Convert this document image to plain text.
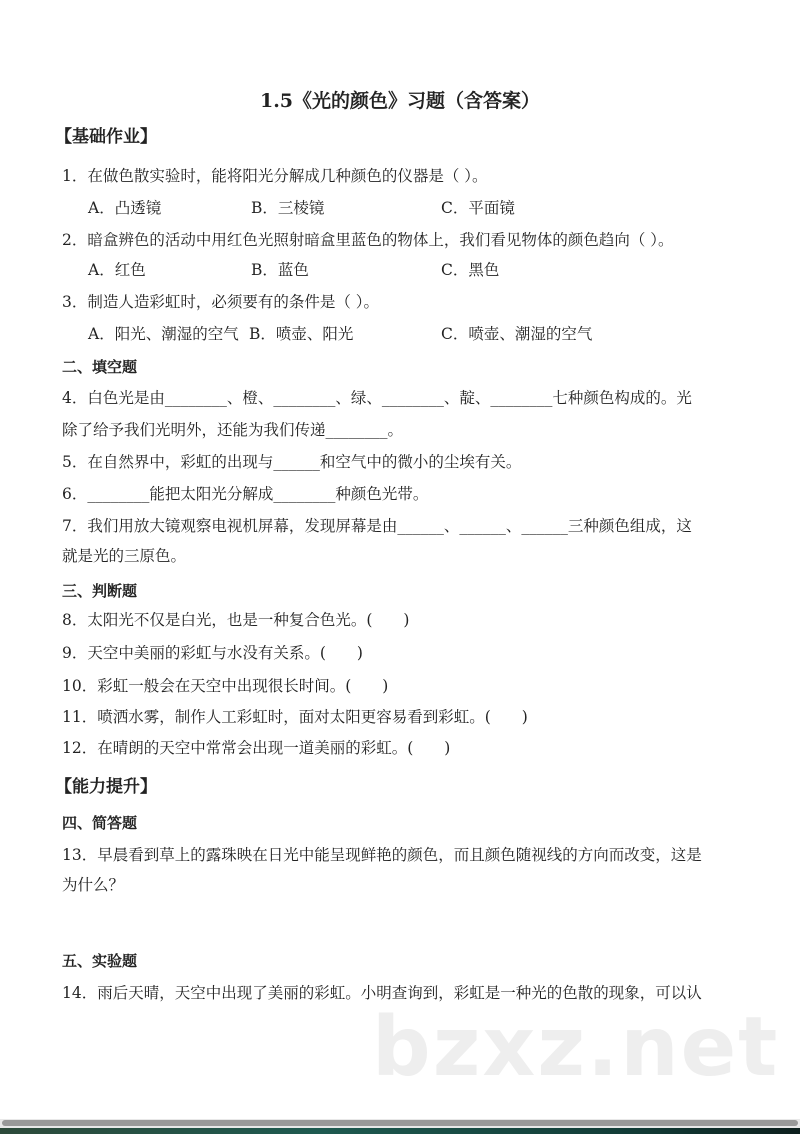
1.5《光的颜色》习题（含答案）
【基础作业】
1．在做色散实验时，能将阳光分解成几种颜色的仪器是（ ）。
A．凸透镜	B．三棱镜	C．平面镜
2．暗盒辨色的活动中用红色光照射暗盒里蓝色的物体上，我们看见物体的颜色趋向（ ）。
A．红色	B．蓝色	C．黑色
3．制造人造彩虹时，必须要有的条件是（ ）。
A．阳光、潮湿的空气 B．喷壶、阳光	C．喷壶、潮湿的空气
二、填空题
4．白色光是由________、橙、________、绿、________、靛、________七种颜色构成的。光
除了给予我们光明外，还能为我们传递________。
5．在自然界中，彩虹的出现与______和空气中的微小的尘埃有关。
6．________能把太阳光分解成________种颜色光带。
7．我们用放大镜观察电视机屏幕，发现屏幕是由______、______、______三种颜色组成，这
就是光的三原色。
三、判断题
8．太阳光不仅是白光，也是一种复合色光。(　　)
9．天空中美丽的彩虹与水没有关系。(　　)
10．彩虹一般会在天空中出现很长时间。(　　)
11．喷洒水雾，制作人工彩虹时，面对太阳更容易看到彩虹。(　　)
12．在晴朗的天空中常常会出现一道美丽的彩虹。(　　)
【能力提升】
四、简答题
13．早晨看到草上的露珠映在日光中能呈现鲜艳的颜色，而且颜色随视线的方向而改变，这是
为什么？
bzxz.net
五、实验题
14．雨后天晴，天空中出现了美丽的彩虹。小明查询到，彩虹是一种光的色散的现象，可以认
